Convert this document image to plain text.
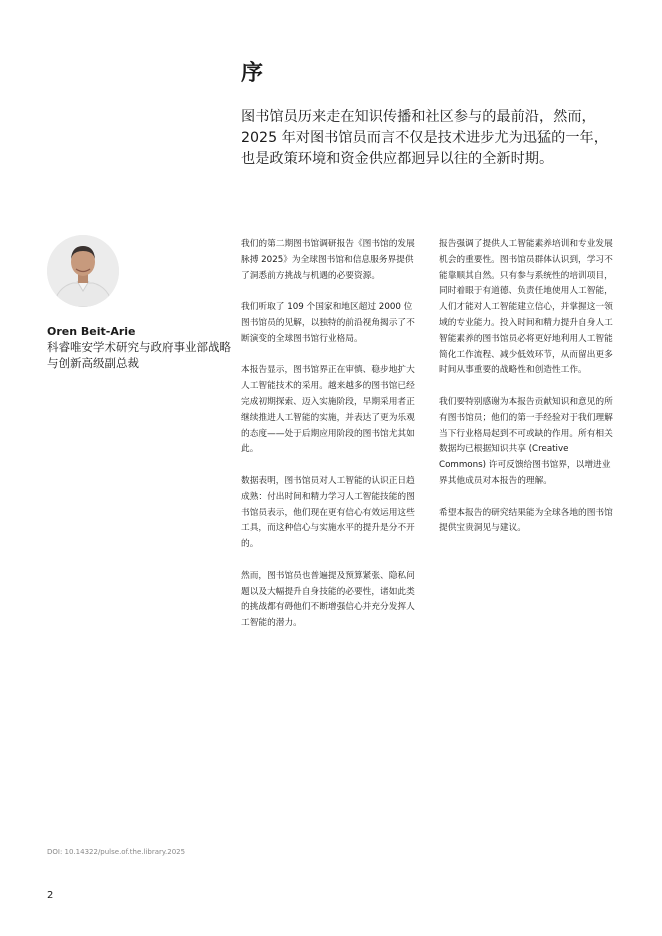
序

图书馆员历来走在知识传播和社区参与的最前沿，然而，2025 年对图书馆员而言不仅是技术进步尤为迅猛的一年，也是政策环境和资金供应都迥异以往的全新时期。

Oren Beit-Arie
科睿唯安学术研究与政府事业部战略与创新高级副总裁

我们的第二期图书馆调研报告《图书馆的发展脉搏 2025》为全球图书馆和信息服务界提供了洞悉前方挑战与机遇的必要资源。

我们听取了 109 个国家和地区超过 2000 位图书馆员的见解，以独特的前沿视角揭示了不断演变的全球图书馆行业格局。

本报告显示，图书馆界正在审慎、稳步地扩大人工智能技术的采用。越来越多的图书馆已经完成初期探索、迈入实施阶段，早期采用者正继续推进人工智能的实施，并表达了更为乐观的态度——处于后期应用阶段的图书馆尤其如此。

数据表明，图书馆员对人工智能的认识正日趋成熟：付出时间和精力学习人工智能技能的图书馆员表示，他们现在更有信心有效运用这些工具，而这种信心与实施水平的提升是分不开的。

然而，图书馆员也普遍提及预算紧张、隐私问题以及大幅提升自身技能的必要性，诸如此类的挑战都有碍他们不断增强信心并充分发挥人工智能的潜力。

报告强调了提供人工智能素养培训和专业发展机会的重要性。图书馆员群体认识到，学习不能靠顺其自然。只有参与系统性的培训项目，同时着眼于有道德、负责任地使用人工智能，人们才能对人工智能建立信心，并掌握这一领域的专业能力。投入时间和精力提升自身人工智能素养的图书馆员必将更好地利用人工智能简化工作流程、减少低效环节，从而留出更多时间从事重要的战略性和创造性工作。

我们要特别感谢为本报告贡献知识和意见的所有图书馆员；他们的第一手经验对于我们理解当下行业格局起到不可或缺的作用。所有相关数据均已根据知识共享 (Creative Commons) 许可反馈给图书馆界，以增进业界其他成员对本报告的理解。

希望本报告的研究结果能为全球各地的图书馆提供宝贵洞见与建议。

DOI: 10.14322/pulse.of.the.library.2025
2
